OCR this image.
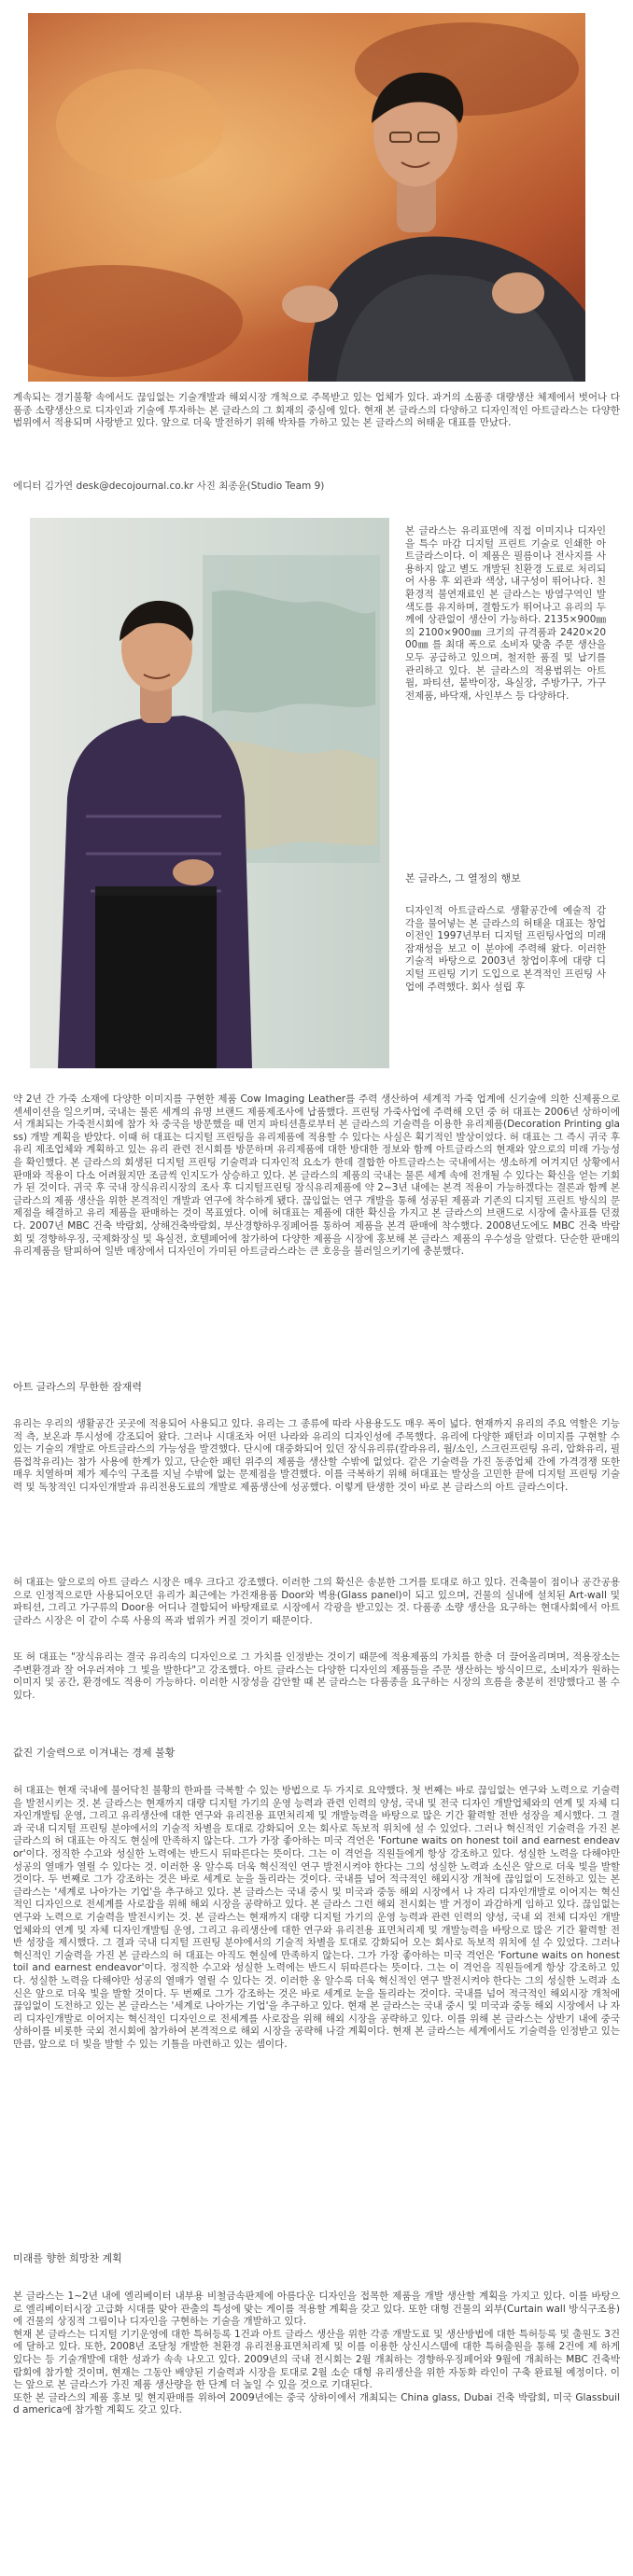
계속되는 경기불황 속에서도 끊임없는 기술개발과 해외시장 개척으로 주목받고 있는 업체가 있다. 과거의 소품종 대량생산 체제에서 벗어나 다품종 소량생산으로 디자인과 기술에 투자하는 본 글라스의 그 회재의 중심에 있다. 현재 본 글라스의 다양하고 디자인적인 아트글라스는 다양한 범위에서 적용되며 사랑받고 있다. 앞으로 더욱 발전하기 위해 박차를 가하고 있는 본 글라스의 허태윤 대표를 만났다.
에디터 김가연 desk@decojournal.co.kr 사진 최종윤(Studio Team 9)
본 글라스는 유리표면에 직접 이미지나 디자인을 특수 마감 디지털 프린트 기술로 인쇄한 아트글라스이다. 이 제품은 필름이나 전사지를 사용하지 않고 별도 개발된 친환경 도료로 처리되어 사용 후 외관과 색상, 내구성이 뛰어나다. 친환경적 불연재료인 본 글라스는 방염구역인 발색도를 유지하며, 결함도가 뛰어나고 유리의 두께에 상관없이 생산이 가능하다. 2135×900㎜의 2100×900㎜ 크기의 규격품과 2420×2000㎜ 를 최대 폭으로 소비자 맞춤 주문 생산을 모두 공급하고 있으며, 철저한 품질 및 납기를 관리하고 있다. 본 글라스의 적용범위는 아트월, 파티션, 붙박이장, 욕실장, 주방가구, 가구전제품, 바닥재, 사인부스 등 다양하다.
본 글라스, 그 열정의 행보
디자인적 아트글라스로 생활공간에 예술적 감각을 불어넣는 본 글라스의 허태윤 대표는 창업이전인 1997년부터 디지털 프린팅사업의 미래 잠재성을 보고 이 분야에 주력해 왔다. 이러한 기술적 바탕으로 2003년 창업이후에 대량 디지털 프린팅 기기 도입으로 본격적인 프린팅 사업에 주력했다. 회사 설립 후
약 2년 간 가죽 소재에 다양한 이미지를 구현한 제품 Cow Imaging Leather를 주력 생산하여 세계적 가죽 업계에 신기술에 의한 신제품으로 센세이션을 일으키며, 국내는 물론 세계의 유명 브랜드 제품제조사에 납품했다. 프린팅 가죽사업에 주력해 오던 중 허 대표는 2006년 상하이에서 개최되는 가죽전시회에 참가 차 중국을 방문했을 때 먼지 파티션흘로부터 본 글라스의 기술력을 이용한 유리제품(Decoration Printing glass) 개발 계획을 받았다. 이때 허 대표는 디지털 프린팅을 유리제품에 적용할 수 있다는 사실은 획기적인 발상이었다. 허 대표는 그 즉시 귀국 후 유리 제조업체와 계획하고 있는 유리 관련 전시회를 방문하며 유리제품에 대한 방대한 정보와 함께 아트글라스의 현재와 앞으로의 미래 가능성을 확인했다. 본 글라스의 회생된 디지털 프린팅 기술력과 디자인적 요소가 한데 결합한 아트글라스는 국내에서는 생소하게 여겨지던 상황에서 판매와 적용이 다소 어려웠지만 조금씩 인지도가 상승하고 있다. 본 글라스의 제품의 국내는 물론 세계 속에 전개될 수 있다는 확신을 얻는 기회가 된 것이다. 귀국 후 국내 장식유리시장의 조사 후 디지털프린팅 장식유리제품에 약 2~3년 내에는 본격 적용이 가능하겠다는 결론과 함께 본 글라스의 제품 생산을 위한 본격적인 개발과 연구에 착수하게 됐다. 끊임없는 연구 개발을 통해 성공된 제품과 기존의 디지털 프린트 방식의 문제점을 해결하고 유리 제품을 판매하는 것이 목표였다. 이에 허대표는 제품에 대한 확신을 가지고 본 글라스의 브랜드로 시장에 출사표를 던졌다. 2007년 MBC 건축 박람회, 상해건축박람회, 부산경향하우징페어를 통하여 제품을 본격 판매에 착수했다. 2008년도에도 MBC 건축 박람회 및 경향하우징, 국제화장실 및 욕실전, 호텔페어에 참가하여 다양한 제품을 시장에 홍보해 본 글라스 제품의 우수성을 알렸다. 단순한 판매의 유리제품을 탈피하여 일반 매장에서 디자인이 가미된 아트글라스라는 큰 호응을 불러일으키기에 충분했다.
아트 글라스의 무한한 잠재력
유리는 우리의 생활공간 곳곳에 적용되어 사용되고 있다. 유리는 그 종류에 따라 사용용도도 매우 폭이 넓다. 현재까지 유리의 주요 역할은 기능적 측, 보온과 투시성에 강조되어 왔다. 그러나 시대조차 어떤 나라와 유리의 디자인성에 주목했다. 유리에 다양한 패턴과 이미지를 구현할 수 있는 기술의 개발로 아트글라스의 가능성을 발견했다. 단시에 대중화되어 있던 장식유리류(칼라유리, 월/소인, 스크린프린팅 유리, 압화유리, 필름접착유리)는 참가 사용에 한계가 있고, 단순한 패턴 위주의 제품을 생산할 수밖에 없었다. 같은 기술력을 가진 동종업체 간에 가격경쟁 또한 매우 치열하며 제가 제수익 구조를 지닐 수밖에 없는 문제점을 발견했다. 이를 극복하기 위해 허대표는 발상을 고민한 끝에 디지털 프린팅 기술력 및 독창적인 디자인개발과 유리전용도료의 개발로 제품생산에 성공했다. 이렇게 탄생한 것이 바로 본 글라스의 아트 글라스이다.
허 대표는 앞으로의 아트 글라스 시장은 매우 크다고 강조했다. 이러한 그의 확신은 송분한 그거를 토대로 하고 있다. 건축물이 점이나 공간공용으로 인정적으로만 사용되어오던 유리가 최근에는 가건재용품 Door와 벽용(Glass panel)이 되고 있으며, 건물의 실내에 설치된 Art-wall 및 파티션, 그리고 가구류의 Door용 어디나 결합되어 바탕재료로 시장에서 각광을 받고있는 것. 다품종 소량 생산을 요구하는 현대사회에서 아트 글라스 시장은 이 같이 수록 사용의 폭과 범위가 커질 것이기 때문이다.
또 허 대표는 "장식유리는 결국 유리속의 디자인으로 그 가치를 인정받는 것이기 때문에 적용제품의 가치를 한층 더 끌어올리며며, 적용장소는 주변환경과 잘 어우러져야 그 빛을 발한다"고 강조했다. 아트 글라스는 다양한 디자인의 제품들을 주문 생산하는 방식이므로, 소비자가 원하는 이미지 및 공간, 환경에도 적용이 가능하다. 이러한 시장성을 감안할 때 본 글라스는 다품종을 요구하는 시장의 흐름을 충분히 전망했다고 볼 수 있다.
값진 기술력으로 이겨내는 경제 불황
허 대표는 현재 국내에 불어닥친 불황의 한파를 극복할 수 있는 방법으로 두 가지로 요약했다. 첫 번째는 바로 끊임없는 연구와 노력으로 기술력을 발전시키는 것. 본 글라스는 현재까지 대량 디지털 가기의 운영 능력과 관련 인력의 양성, 국내 및 전국 디자인 개발업체와의 연계 및 자체 디자인개발팀 운영, 그리고 유리생산에 대한 연구와 유리전용 표면처리제 및 개발능력을 바탕으로 많은 기간 활력할 전반 성장을 제시했다. 그 결과 국내 디지털 프린팅 분야에서의 기술적 차별을 토대로 강화되어 오는 회사로 독보적 위치에 설 수 있었다. 그러나 혁신적인 기술력을 가진 본 글라스의 허 대표는 아직도 현실에 만족하지 않는다. 그가 가장 좋아하는 미국 격언은 'Fortune waits on honest toil and earnest endeavor'이다. 정직한 수고와 성실한 노력에는 반드시 뒤따른다는 뜻이다. 그는 이 격언을 직원들에게 항상 강조하고 있다. 성실한 노력을 다해야만 성공의 열매가 열릴 수 있다는 것. 이러한 옹 알수록 더욱 혁신적인 연구 발전시켜야 한다는 그의 성실한 노력과 소신은 앞으로 더욱 빛을 발할 것이다. 두 번째로 그가 강조하는 것은 바로 세계로 눈을 돌리라는 것이다. 국내를 넘어 적극적인 해외시장 개척에 끊임없이 도전하고 있는 본 글라스는 '세계로 나아가는 기업'을 추구하고 있다. 본 글라스는 국내 중시 및 미국과 중동 해외 시장에서 나 자리 디자인개발로 이어지는 혁신적인 디자인으로 전세계를 사로잡을 위해 해외 시장을 공략하고 있다. 본 글라스 그런 해외 전시회는 발 거정이 과감하게 임하고 있다. 끊임없는 연구와 노력으로 기술력을 발전시키는 것. 본 글라스는 현재까지 대량 디지털 가기의 운영 능력과 관련 인력의 양성, 국내 외 전체 디자인 개발업체와의 연계 및 자체 디자인개발팀 운영, 그리고 유리생산에 대한 연구와 유리전용 표면처리제 및 개발능력을 바탕으로 많은 기간 활력할 전반 성장을 제시했다. 그 결과 국내 디지털 프린팅 분야에서의 기술적 차별을 토대로 강화되어 오는 회사로 독보적 위치에 설 수 있었다. 그러나 혁신적인 기술력을 가진 본 글라스의 허 대표는 아직도 현실에 만족하지 않는다. 그가 가장 좋아하는 미국 격언은 'Fortune waits on honest toil and earnest endeavor'이다. 정직한 수고와 성실한 노력에는 반드시 뒤따른다는 뜻이다. 그는 이 격언을 직원들에게 항상 강조하고 있다. 성실한 노력을 다해야만 성공의 열매가 열릴 수 있다는 것. 이러한 옹 알수록 더욱 혁신적인 연구 발전시켜야 한다는 그의 성실한 노력과 소신은 앞으로 더욱 빛을 발할 것이다. 두 번째로 그가 강조하는 것은 바로 세계로 눈을 돌리라는 것이다. 국내를 넘어 적극적인 해외시장 개척에 끊임없이 도전하고 있는 본 글라스는 '세계로 나아가는 기업'을 추구하고 있다. 현재 본 글라스는 국내 중시 및 미국과 중동 해외 시장에서 나 자리 디자인개발로 이어지는 혁신적인 디자인으로 전세계를 사로잡을 위해 해외 시장을 공략하고 있다. 이를 위해 본 글라스는 상반기 내에 중국 상하이를 비롯한 국외 전시회에 참가하여 본격적으로 해외 시장을 공략해 나갈 계획이다. 현재 본 글라스는 세계에서도 기술력을 인정받고 있는 만큼, 앞으로 더 빛을 발할 수 있는 기틀을 마련하고 있는 셈이다.
미래를 향한 희망찬 계획
본 글라스는 1~2년 내에 엘리베이터 내부용 비철금속판제에 아름다운 디자인을 접목한 제품을 개발 생산할 계획을 가지고 있다. 이를 바탕으로 엘리베이터시장 고급화 시대를 맞아 관출의 특성에 맞는 게이를 적용할 계획을 갖고 있다. 또한 대형 건물의 외부(Curtain wall 방식구조용)에 건물의 상징적 그림이나 디자인을 구현하는 기술을 개발하고 있다.
현재 본 글라스는 디지털 기기운영에 대한 특허등록 1건과 아트 글라스 생산을 위한 각종 개발도료 및 생산방법에 대한 특허등록 및 출원도 3건에 달하고 있다. 또한, 2008년 조달청 개발한 천환경 유리전용표면처리제 및 이를 이용한 상신시스템에 대한 특허출원을 통해 2건에 제 하게 있다는 등 기술개발에 대한 성과가 속속 나오고 있다. 2009년의 국내 전시회는 2월 개최하는 경향하우징페어와 9월에 개최하는 MBC 건축박람회에 참가할 것이며, 현재는 그동안 배양된 기술력과 시장을 토대로 2월 소순 대형 유리생산을 위한 자동화 라인이 구축 완료될 예정이다. 이는 앞으로 본 글라스가 가진 제품 생산량을 한 단계 더 높일 수 있을 것으로 기대된다.
또한 본 글라스의 제품 홍보 및 현지판매를 위하여 2009년에는 중국 상하이에서 개최되는 China glass, Dubai 건축 박람회, 미국 Glassbuild america에 참가할 계획도 갖고 있다.
